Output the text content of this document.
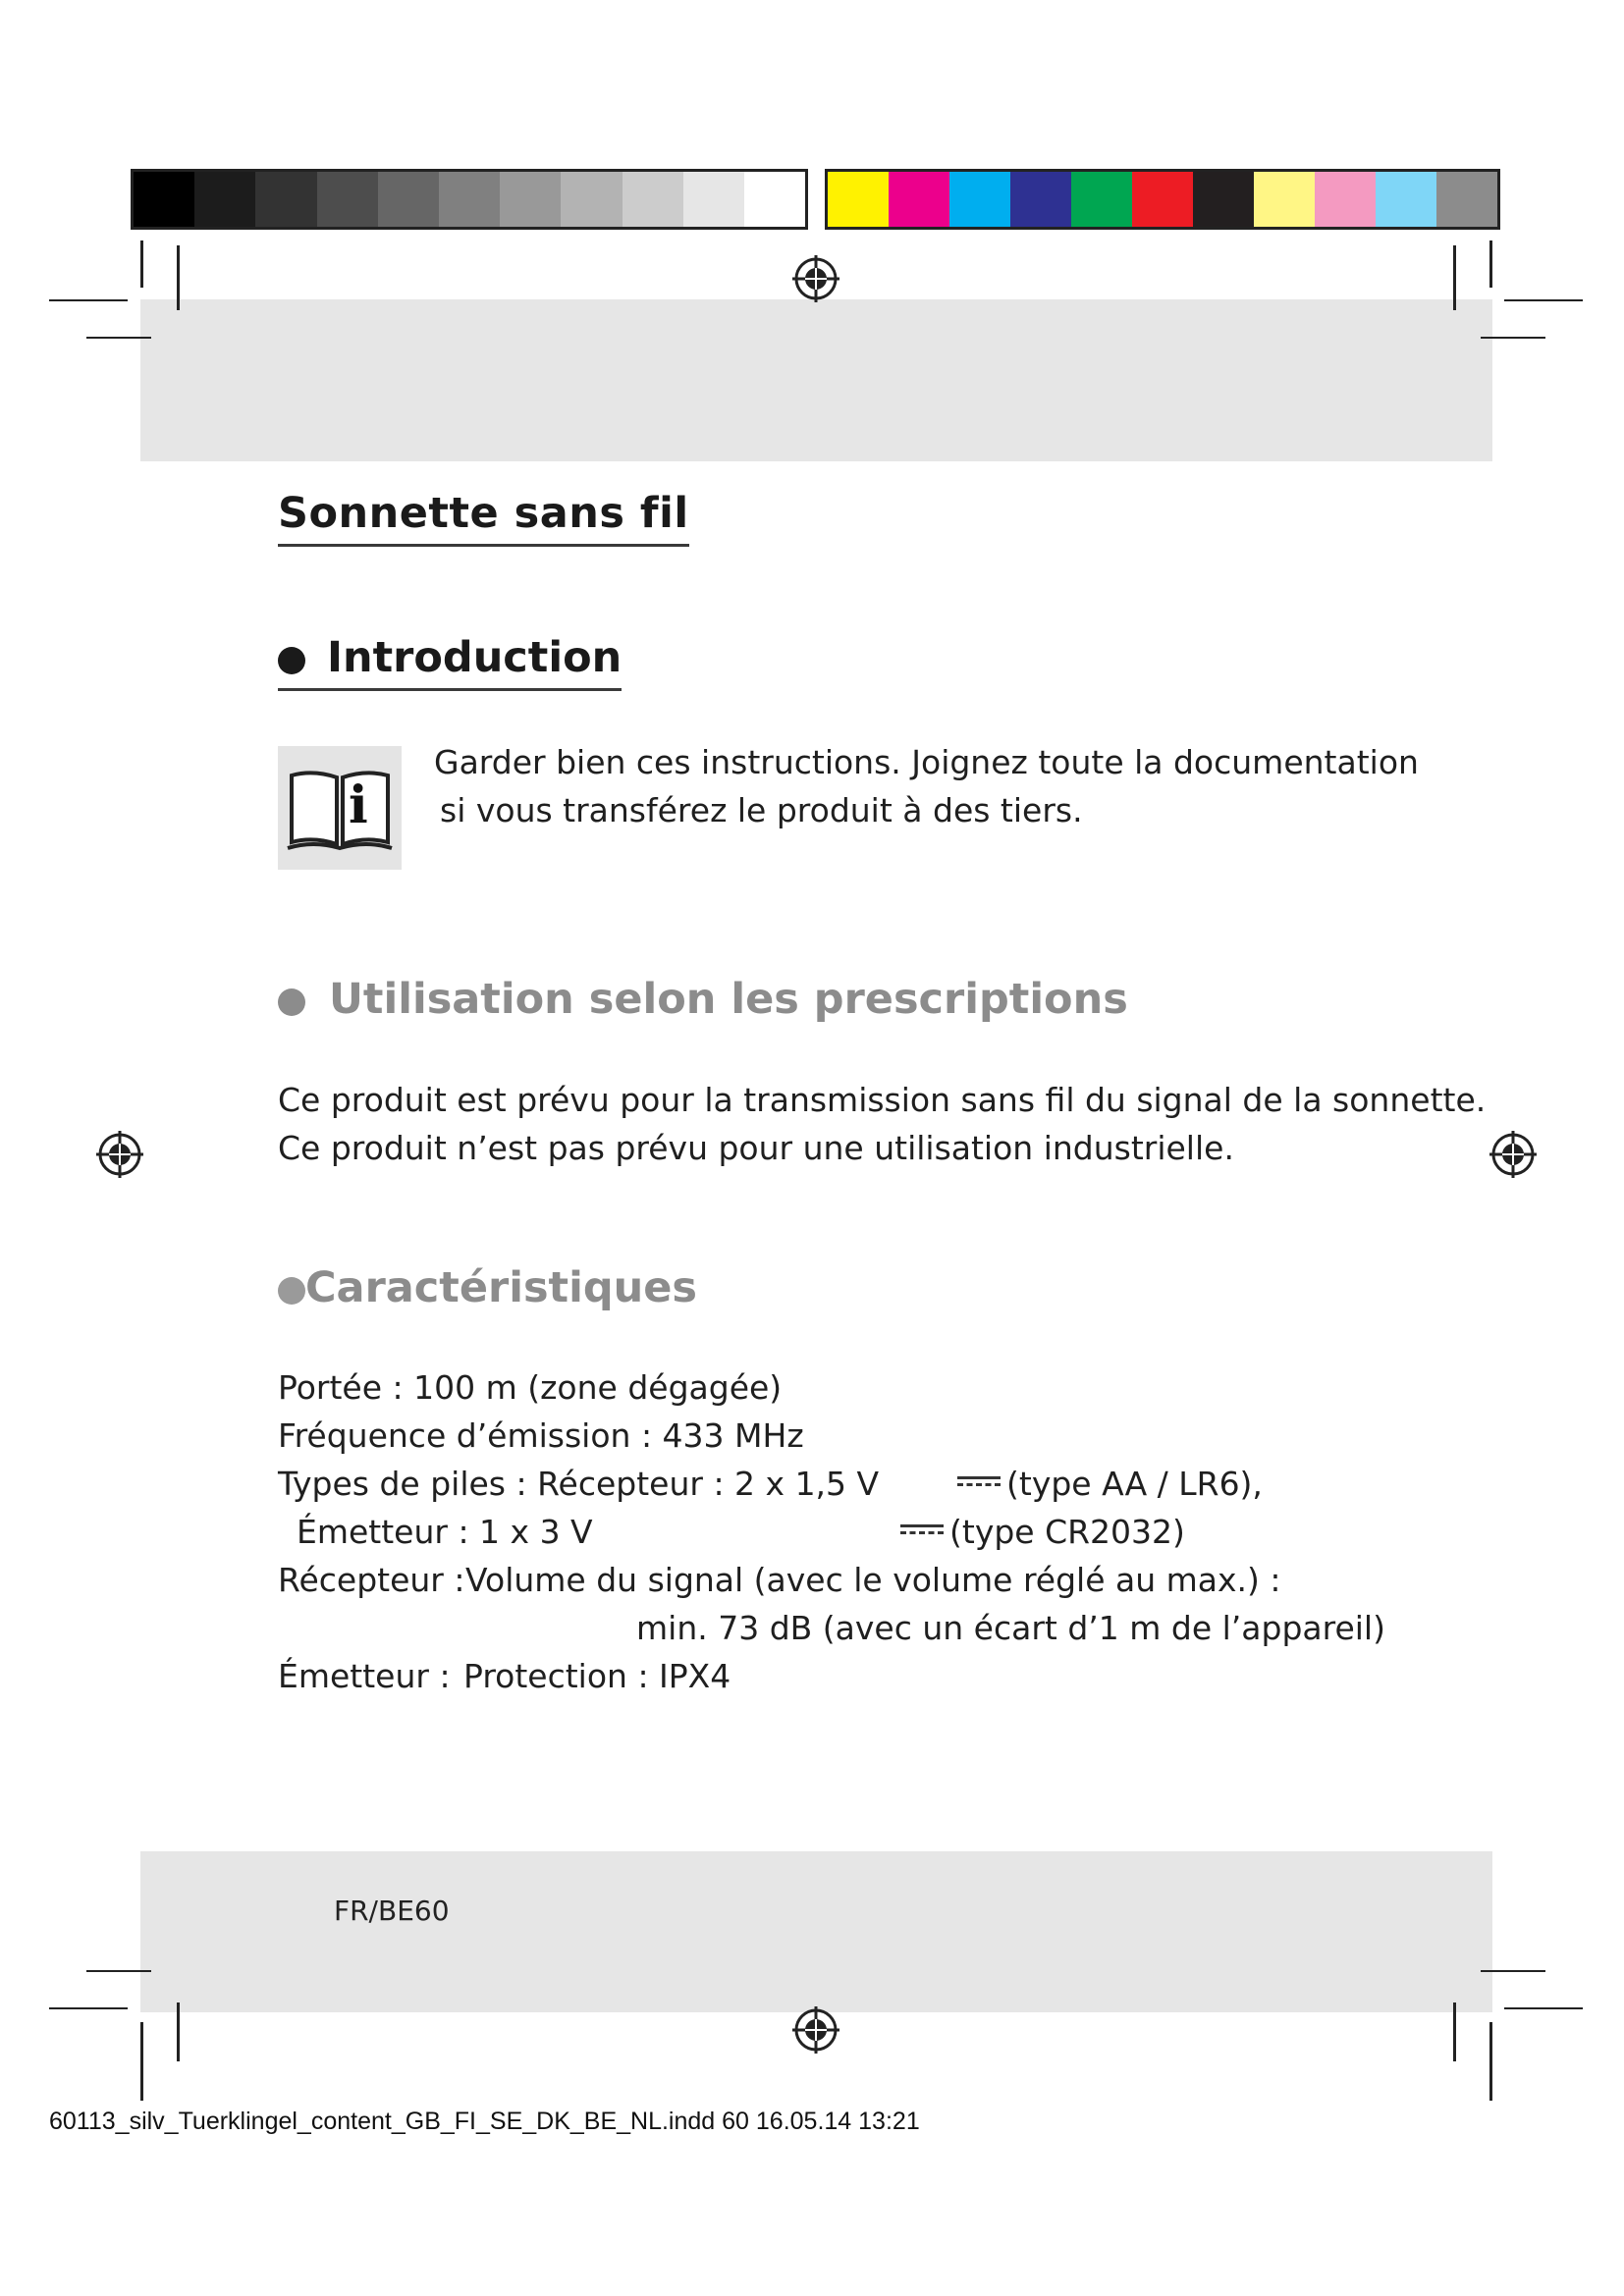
Sonnette sans fil
Introduction
i

Garder bien ces instructions. Joignez toute la documentation

si vous transférez le produit à des tiers.

Utilisation selon les prescriptions

Ce produit est prévu pour la transmission sans fil du signal de la sonnette.

Ce produit n’est pas prévu pour une utilisation industrielle.

Caractéristiques
Portée : 100 m (zone dégagée)
Fréquence d’émission : 433 MHz
Types de piles : Récepteur : 2 x 1,5 V	(type AA / LR6),
Émetteur : 1 x 3 V	(type CR2032)
Récepteur : Volume du signal (avec le volume réglé au max.) :
min. 73 dB (avec un écart d’1 m de l’appareil)
Émetteur : Protection : IPX4
FR/BE60
60113_silv_Tuerklingel_content_GB_FI_SE_DK_BE_NL.indd 60 16.05.14 13:21
